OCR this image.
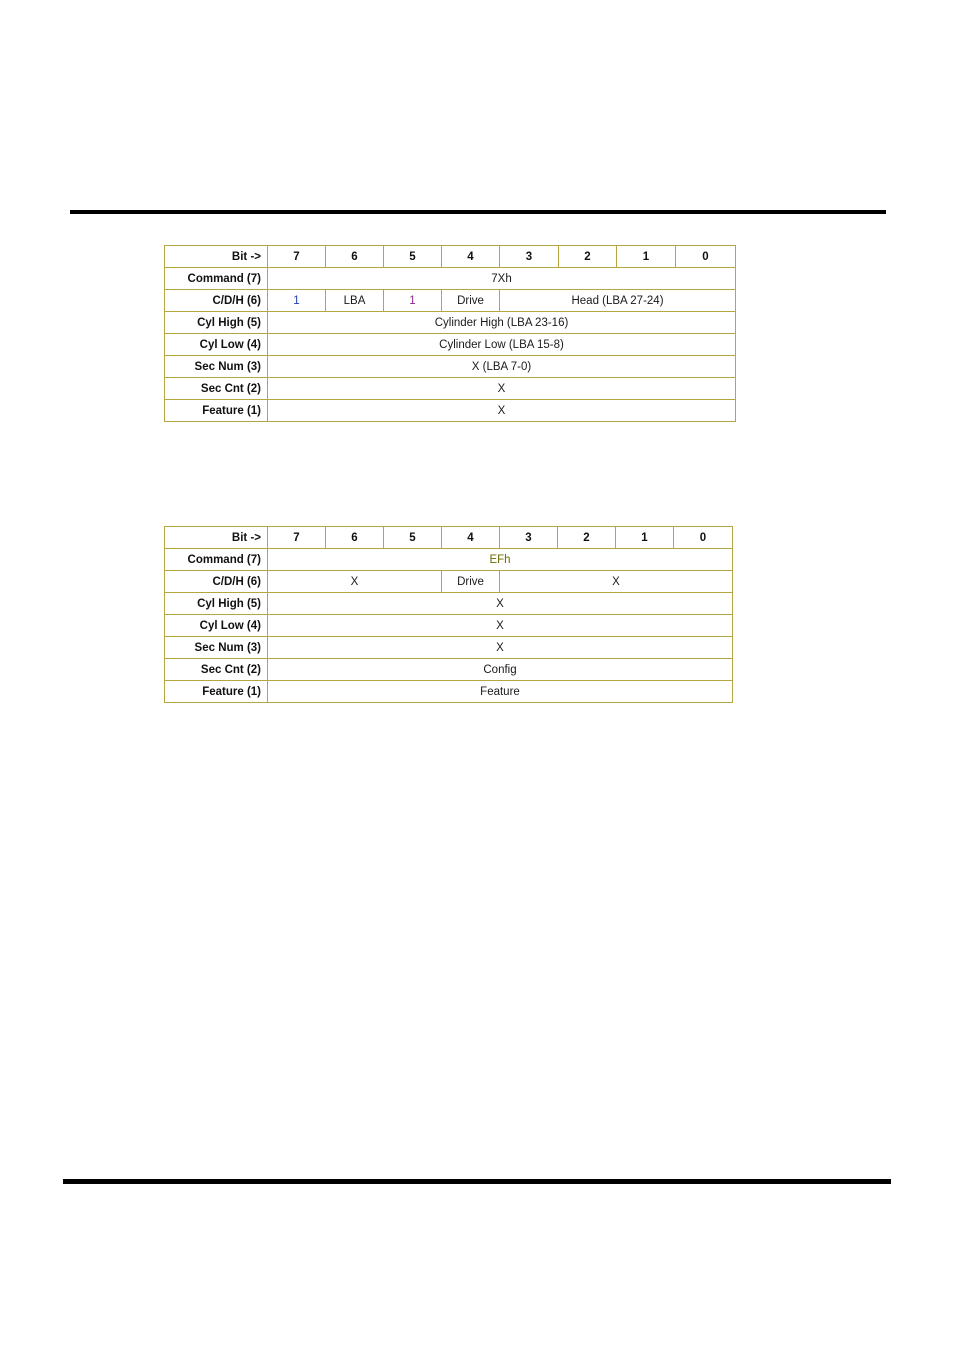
Bit ->	7	6	5	4	3	2	1	0
Command (7)	7Xh							
C/D/H (6)	1	LBA	1	Drive	Head (LBA 27-24)			
Cyl High (5)	Cylinder High (LBA 23-16)							
Cyl Low (4)	Cylinder Low (LBA 15-8)							
Sec Num (3)	X (LBA 7-0)							
Sec Cnt (2)	X							
Feature (1)	X							
Bit ->	7	6	5	4	3	2	1	0
Command (7)	EFh							
C/D/H (6)	X			Drive	X			
Cyl High (5)	X							
Cyl Low (4)	X							
Sec Num (3)	X							
Sec Cnt (2)	Config							
Feature (1)	Feature							
